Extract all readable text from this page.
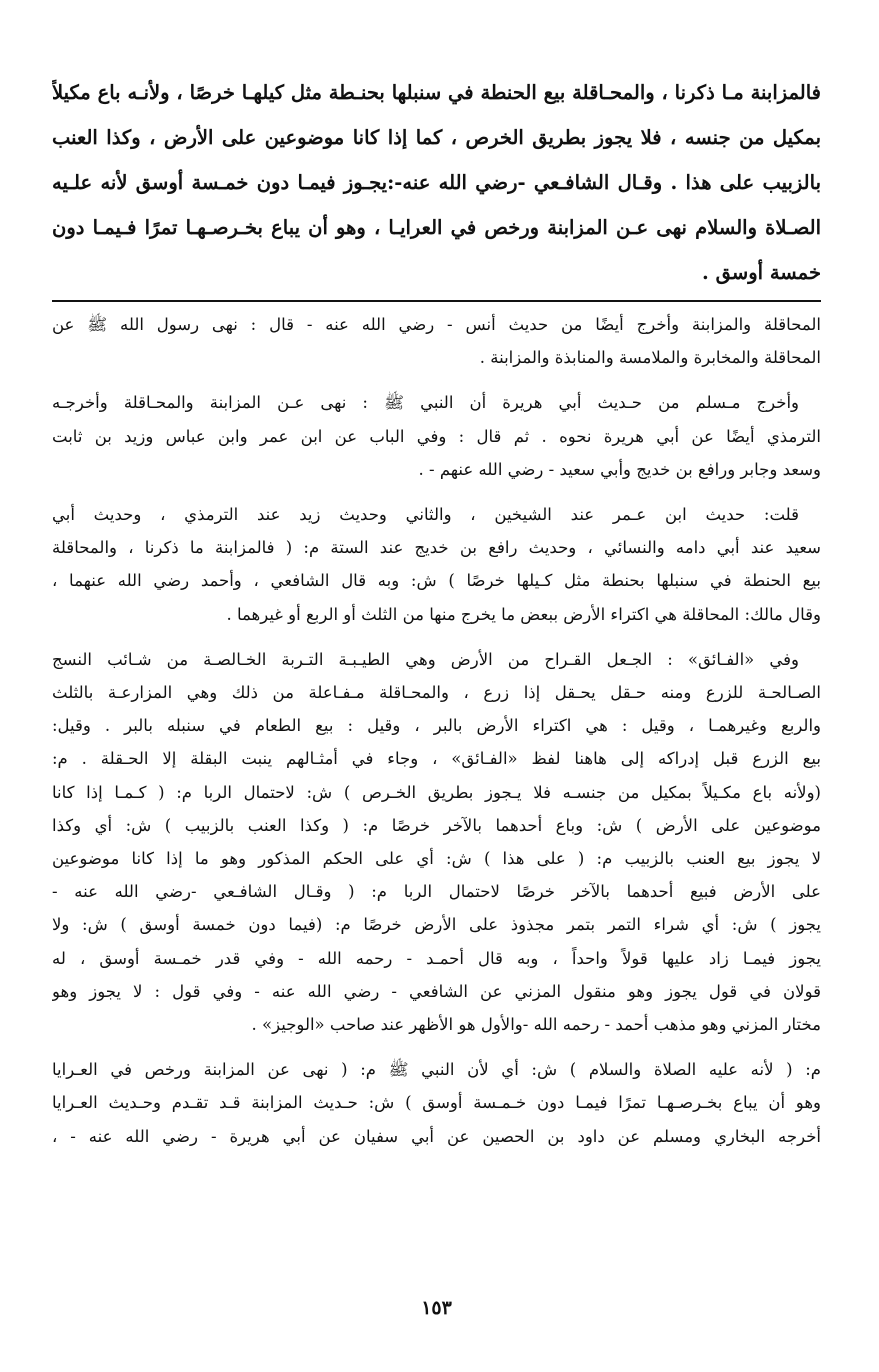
فالمزابنة مـا ذكرنا ، والمحـاقلة بيع الحنطة في سنبلها بحنـطة مثل كيلهـا خرصًا ، ولأنـه باع مكيلاً
بمكيل من جنسه ، فلا يجوز بطريق الخرص ، كما إذا كانا موضوعين على الأرض ، وكذا العنب
بالزبيب على هذا . وقـال الشافـعي -رضي الله عنه-:يجـوز فيمـا دون خمـسة أوسق لأنه علـيه
الصـلاة والسلام نهى عـن المزابنة ورخص في العرايـا ، وهو أن يباع بخـرصـهـا تمرًا فـيمـا دون
خمسة أوسق .
المحاقلة والمزابنة وأخرج أيضًا من حديث أنس - رضي الله عنه - قال : نهى رسول الله ﷺ عن
المحاقلة والمخابرة والملامسة والمنابذة والمزابنة .
وأخرج مـسلم من حـديث أبي هريرة أن النبي ﷺ : نهى عـن المزابنة والمحـاقلة وأخرجـه
الترمذي أيضًا عن أبي هريرة نحوه . ثم قال : وفي الباب عن ابن عمر وابن عباس وزيد بن ثابت
وسعد وجابر ورافع بن خديج وأبي سعيد - رضي الله عنهم - .
قلت: حديث ابن عـمر عند الشيخين ، والثاني وحديث زيد عند الترمذي ، وحديث أبي
سعيد عند أبي دامه والنسائي ، وحديث رافع بن خديج عند الستة م: ( فالمزابنة ما ذكرنا ، والمحاقلة
بيع الحنطة في سنبلها بحنطة مثل كـيلها خرصًا ) ش: وبه قال الشافعي ، وأحمد رضي الله عنهما ،
وقال مالك: المحاقلة هي اكتراء الأرض ببعض ما يخرج منها من الثلث أو الربع أو غيرهما .
وفي «الفـائق» : الجـعل القـراح من الأرض وهي الطيـبـة التـربة الخـالصـة من شـائب النسج
الصـالحـة للزرع ومنه حـقل يحـقل إذا زرع ، والمحـاقلة مـفـاعلة من ذلك وهي المزارعـة بالثلث
والربع وغيرهمـا ، وقيل : هي اكتراء الأرض بالبر ، وقيل : بيع الطعام في سنبله بالبر . وقيل:
بيع الزرع قبل إدراكه إلى هاهنا لفظ «الفـائق» ، وجاء في أمثـالهم ينبت البقلة إلا الحـقلة . م:
(ولأنه باع مكـيلاً بمكيل من جنسـه فلا يـجوز بطريق الخـرص ) ش: لاحتمال الربا م: ( كـمـا إذا كانا
موضوعين على الأرض ) ش: وباع أحدهما بالآخر خرصًا م: ( وكذا العنب بالزبيب ) ش: أي وكذا
لا يجوز بيع العنب بالزبيب م: ( على هذا ) ش: أي على الحكم المذكور وهو ما إذا كانا موضوعين
على الأرض فبيع أحدهما بالآخر خرصًا لاحتمال الربا م: ( وقـال الشافـعي -رضي الله عنه -
يجوز ) ش: أي شراء التمر بتمر مجذوذ على الأرض خرصًا م: (فيما دون خمسة أوسق ) ش: ولا
يجوز فيمـا زاد عليها قولاً واحداً ، وبه قال أحمـد - رحمه الله - وفي قدر خمـسة أوسق ، له
قولان في قول يجوز وهو منقول المزني عن الشافعي - رضي الله عنه - وفي قول : لا يجوز وهو
مختار المزني وهو مذهب أحمد - رحمه الله -والأول هو الأظهر عند صاحب «الوجيز» .
م: ( لأنه عليه الصلاة والسلام ) ش: أي لأن النبي ﷺ م: ( نهى عن المزابنة ورخص في العـرايا
وهو أن يباع بخـرصـهـا تمرًا فيمـا دون خـمـسة أوسق ) ش: حـديث المزابنة قـد تقـدم وحـديث العـرايا
أخرجه البخاري ومسلم عن داود بن الحصين عن أبي سفيان عن أبي هريرة - رضي الله عنه - ،
١٥٣
